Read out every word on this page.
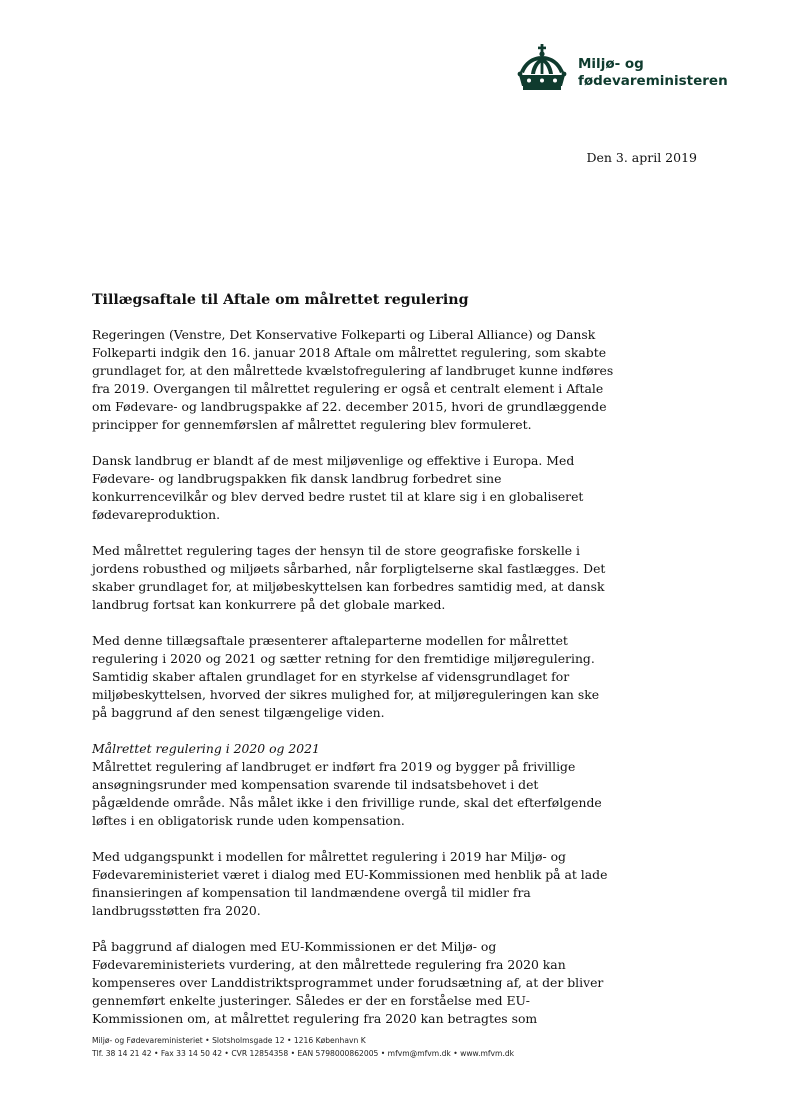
Miljø- og
fødevareministeren
Den 3. april 2019
Tillægsaftale til Aftale om målrettet regulering
Regeringen (Venstre, Det Konservative Folkeparti og Liberal Alliance) og Dansk
Folkeparti indgik den 16. januar 2018 Aftale om målrettet regulering, som skabte
grundlaget for, at den målrettede kvælstofregulering af landbruget kunne indføres
fra 2019. Overgangen til målrettet regulering er også et centralt element i Aftale
om Fødevare- og landbrugspakke af 22. december 2015, hvori de grundlæggende
principper for gennemførslen af målrettet regulering blev formuleret.
Dansk landbrug er blandt af de mest miljøvenlige og effektive i Europa. Med
Fødevare- og landbrugspakken fik dansk landbrug forbedret sine
konkurrencevilkår og blev derved bedre rustet til at klare sig i en globaliseret
fødevareproduktion.
Med målrettet regulering tages der hensyn til de store geografiske forskelle i
jordens robusthed og miljøets sårbarhed, når forpligtelserne skal fastlægges. Det
skaber grundlaget for, at miljøbeskyttelsen kan forbedres samtidig med, at dansk
landbrug fortsat kan konkurrere på det globale marked.
Med denne tillægsaftale præsenterer aftaleparterne modellen for målrettet
regulering i 2020 og 2021 og sætter retning for den fremtidige miljøregulering.
Samtidig skaber aftalen grundlaget for en styrkelse af vidensgrundlaget for
miljøbeskyttelsen, hvorved der sikres mulighed for, at miljøreguleringen kan ske
på baggrund af den senest tilgængelige viden.
Målrettet regulering i 2020 og 2021
Målrettet regulering af landbruget er indført fra 2019 og bygger på frivillige
ansøgningsrunder med kompensation svarende til indsatsbehovet i det
pågældende område. Nås målet ikke i den frivillige runde, skal det efterfølgende
løftes i en obligatorisk runde uden kompensation.
Med udgangspunkt i modellen for målrettet regulering i 2019 har Miljø- og
Fødevareministeriet været i dialog med EU-Kommissionen med henblik på at lade
finansieringen af kompensation til landmændene overgå til midler fra
landbrugsstøtten fra 2020.
På baggrund af dialogen med EU-Kommissionen er det Miljø- og
Fødevareministeriets vurdering, at den målrettede regulering fra 2020 kan
kompenseres over Landdistriktsprogrammet under forudsætning af, at der bliver
gennemført enkelte justeringer. Således er der en forståelse med EU-
Kommissionen om, at målrettet regulering fra 2020 kan betragtes som
Miljø- og Fødevareministeriet • Slotsholmsgade 12 • 1216 København K
Tlf. 38 14 21 42 • Fax 33 14 50 42 • CVR 12854358 • EAN 5798000862005 • mfvm@mfvm.dk • www.mfvm.dk
